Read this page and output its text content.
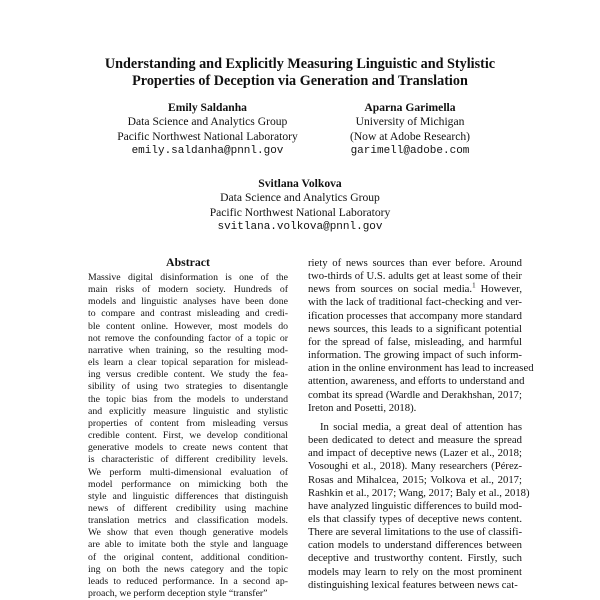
Understanding and Explicitly Measuring Linguistic and Stylistic
Properties of Deception via Generation and Translation
Emily Saldanha
Data Science and Analytics Group
Pacific Northwest National Laboratory
emily.saldanha@pnnl.gov
Aparna Garimella
University of Michigan
(Now at Adobe Research)
garimell@adobe.com
Svitlana Volkova
Data Science and Analytics Group
Pacific Northwest National Laboratory
svitlana.volkova@pnnl.gov
Abstract
Massive digital disinformation is one of the
main risks of modern society. Hundreds of
models and linguistic analyses have been done
to compare and contrast misleading and credi-
ble content online. However, most models do
not remove the confounding factor of a topic or
narrative when training, so the resulting mod-
els learn a clear topical separation for mislead-
ing versus credible content. We study the fea-
sibility of using two strategies to disentangle
the topic bias from the models to understand
and explicitly measure linguistic and stylistic
properties of content from misleading versus
credible content. First, we develop conditional
generative models to create news content that
is characteristic of different credibility levels.
We perform multi-dimensional evaluation of
model performance on mimicking both the
style and linguistic differences that distinguish
news of different credibility using machine
translation metrics and classification models.
We show that even though generative models
are able to imitate both the style and language
of the original content, additional condition-
ing on both the news category and the topic
leads to reduced performance. In a second ap-
proach, we perform deception style “transfer”
riety of news sources than ever before. Around
two-thirds of U.S. adults get at least some of their
news from sources on social media.$^1$ However,
with the lack of traditional fact-checking and ver-
ification processes that accompany more standard
news sources, this leads to a significant potential
for the spread of false, misleading, and harmful
information. The growing impact of such inform-
ation in the online environment has lead to increased
attention, awareness, and efforts to understand and
combat its spread (Wardle and Derakhshan, 2017;
Ireton and Posetti, 2018).
In social media, a great deal of attention has
been dedicated to detect and measure the spread
and impact of deceptive news (Lazer et al., 2018;
Vosoughi et al., 2018). Many researchers (Pérez-
Rosas and Mihalcea, 2015; Volkova et al., 2017;
Rashkin et al., 2017; Wang, 2017; Baly et al., 2018)
have analyzed linguistic differences to build mod-
els that classify types of deceptive news content.
There are several limitations to the use of classifi-
cation models to understand differences between
deceptive and trustworthy content. Firstly, such
models may learn to rely on the most prominent
distinguishing lexical features between news cat-
